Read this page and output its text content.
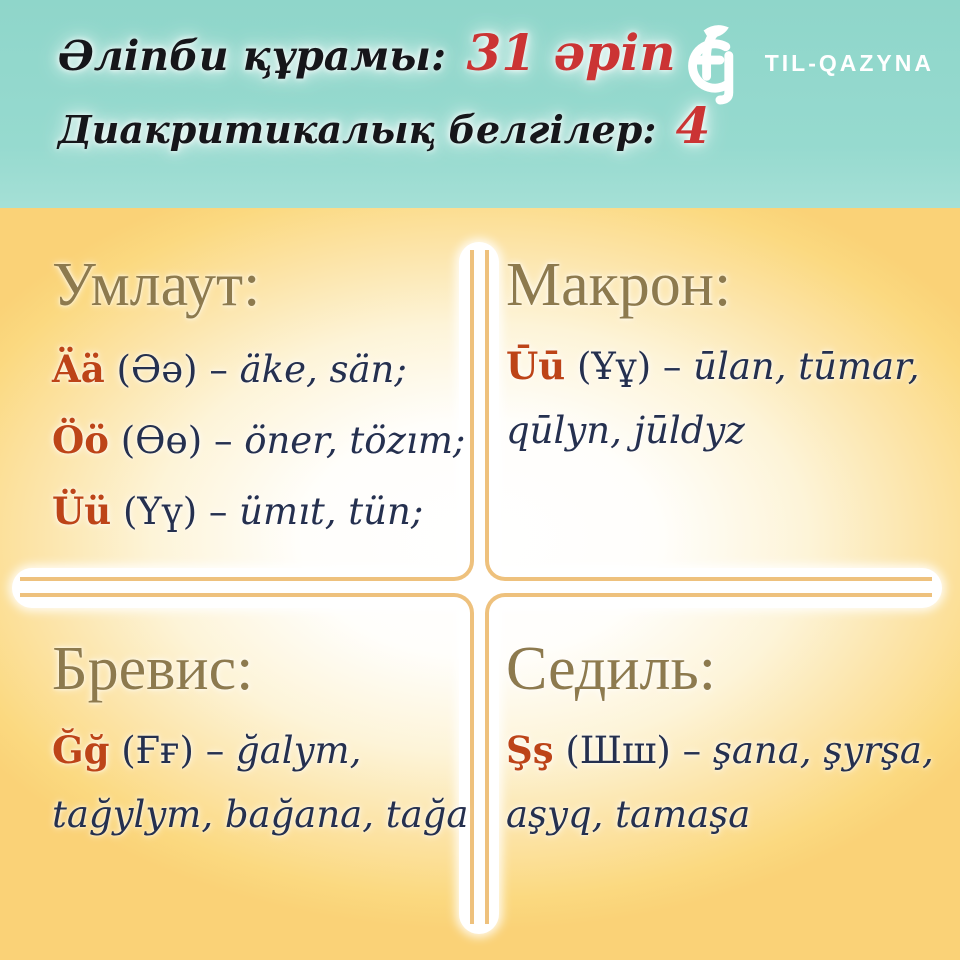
Әліпби құрамы: 31 әріп
Диакритикалық белгілер: 4
TIL-QAZYNA
Умлаут:
Ää (Әә) – äke, sän;
Öö (Өө) – öner, tözım;
Üü (Үү) – ümıt, tün;
Макрон:
Ūū (Ұұ) – ūlan, tūmar, qūlyn, jūldyz
Бревис:
Ğğ (Ғғ) – ğalym, tağylym, bağana, tağa
Седиль:
Şş (Шш) – şana, şyrşa, aşyq, tamaşa
